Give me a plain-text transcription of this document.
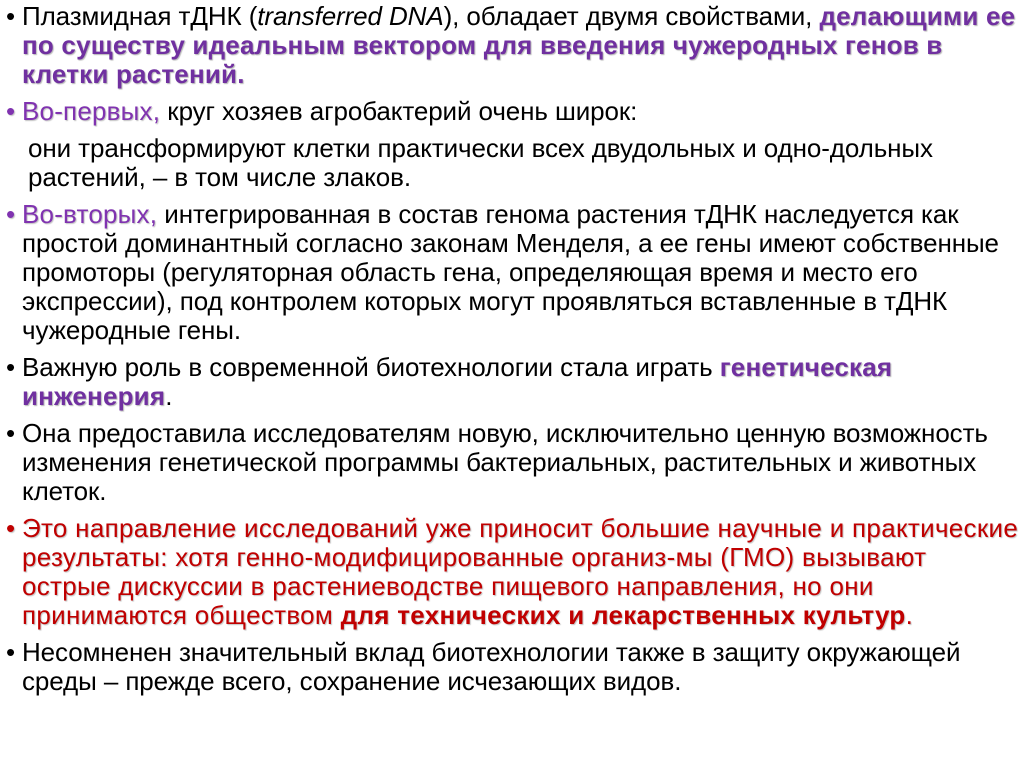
• Плазмидная тДНК (transferred DNA), обладает двумя свойствами, делающими ее по существу идеальным вектором для введения чужеродных генов в клетки растений.
• Во-первых, круг хозяев агробактерий очень широк:
они трансформируют клетки практически всех двудольных и одно-дольных растений, – в том числе злаков.
• Во-вторых, интегрированная в состав генома растения тДНК наследуется как простой доминантный согласно законам Менделя, а ее гены имеют собственные промоторы (регуляторная область гена, определяющая время и место его экспрессии), под контролем которых могут проявляться вставленные в тДНК чужеродные гены.
• Важную роль в современной биотехнологии стала играть генетическая инженерия.
• Она предоставила исследователям новую, исключительно ценную возможность изменения генетической программы бактериальных, растительных и животных клеток.
• Это направление исследований уже приносит большие научные и практические результаты: хотя генно-модифицированные организ-мы (ГМО) вызывают острые дискуссии в растениеводстве пищевого направления, но они принимаются обществом для технических и лекарственных культур.
• Несомненен значительный вклад биотехнологии также в защиту окружающей среды – прежде всего, сохранение исчезающих видов.
